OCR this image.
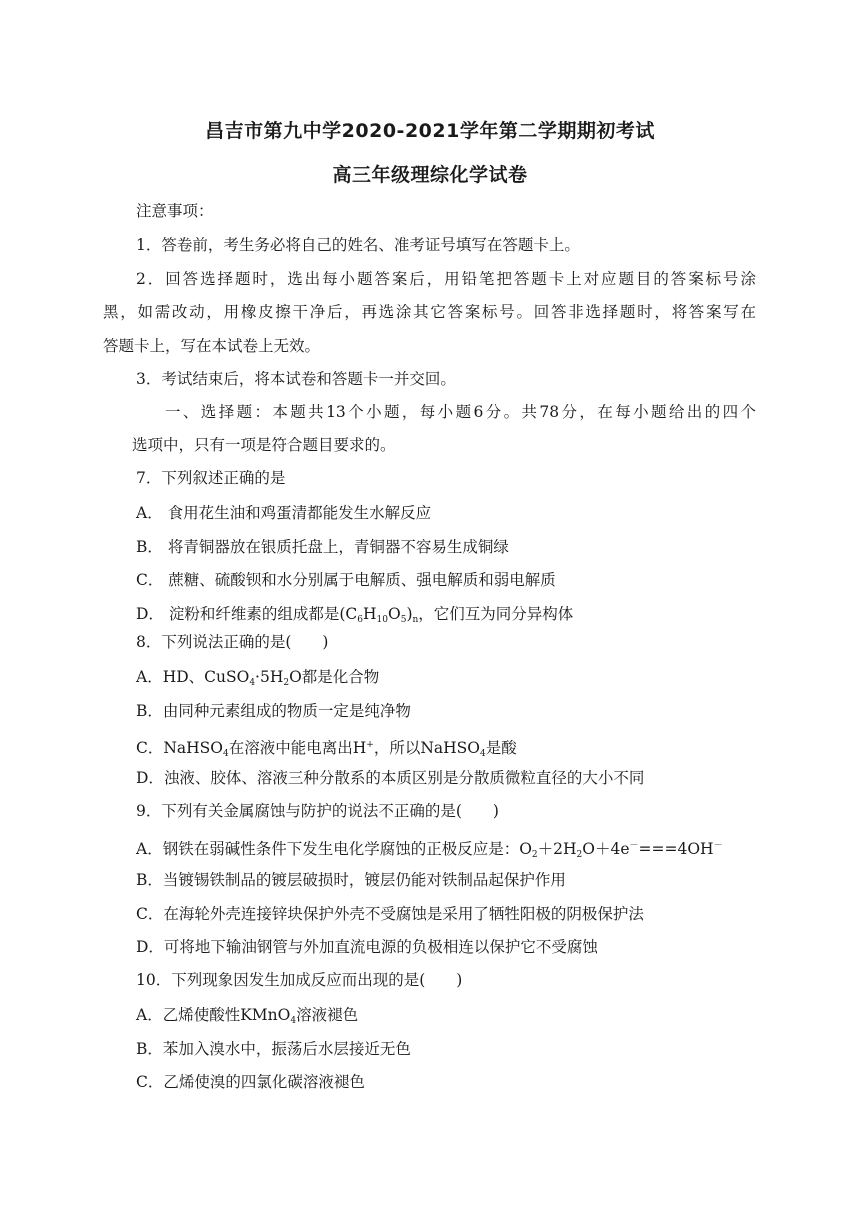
昌吉市第九中学2020-2021学年第二学期期初考试
高三年级理综化学试卷
注意事项：
1．答卷前，考生务必将自己的姓名、准考证号填写在答题卡上。
2．回答选择题时，选出每小题答案后，用铅笔把答题卡上对应题目的答案标号涂
黑，如需改动，用橡皮擦干净后，再选涂其它答案标号。回答非选择题时，将答案写在
答题卡上，写在本试卷上无效。
3．考试结束后，将本试卷和答题卡一并交回。
一、选择题：本题共13个小题，每小题6分。共78分，在每小题给出的四个
选项中，只有一项是符合题目要求的。
7．下列叙述正确的是
A． 食用花生油和鸡蛋清都能发生水解反应
B． 将青铜器放在银质托盘上，青铜器不容易生成铜绿
C． 蔗糖、硫酸钡和水分别属于电解质、强电解质和弱电解质
D． 淀粉和纤维素的组成都是$(C_6H_{10}O_5)_n$，它们互为同分异构体
8．下列说法正确的是(　　)
A．HD、$CuSO_4\cdot 5H_2O$都是化合物
B．由同种元素组成的物质一定是纯净物
C．NaHSO$_4$在溶液中能电离出H+，所以NaHSO$_4$是酸
D．浊液、胶体、溶液三种分散系的本质区别是分散质微粒直径的大小不同
9．下列有关金属腐蚀与防护的说法不正确的是(　　)
A．钢铁在弱碱性条件下发生电化学腐蚀的正极反应是：$O_2+2H_2O+4e^-===4OH^-$
B．当镀锡铁制品的镀层破损时，镀层仍能对铁制品起保护作用
C．在海轮外壳连接锌块保护外壳不受腐蚀是采用了牺牲阳极的阴极保护法
D．可将地下输油钢管与外加直流电源的负极相连以保护它不受腐蚀
10．下列现象因发生加成反应而出现的是(　　)
A．乙烯使酸性KMnO$_4$溶液褪色
B．苯加入溴水中，振荡后水层接近无色
C．乙烯使溴的四氯化碳溶液褪色
